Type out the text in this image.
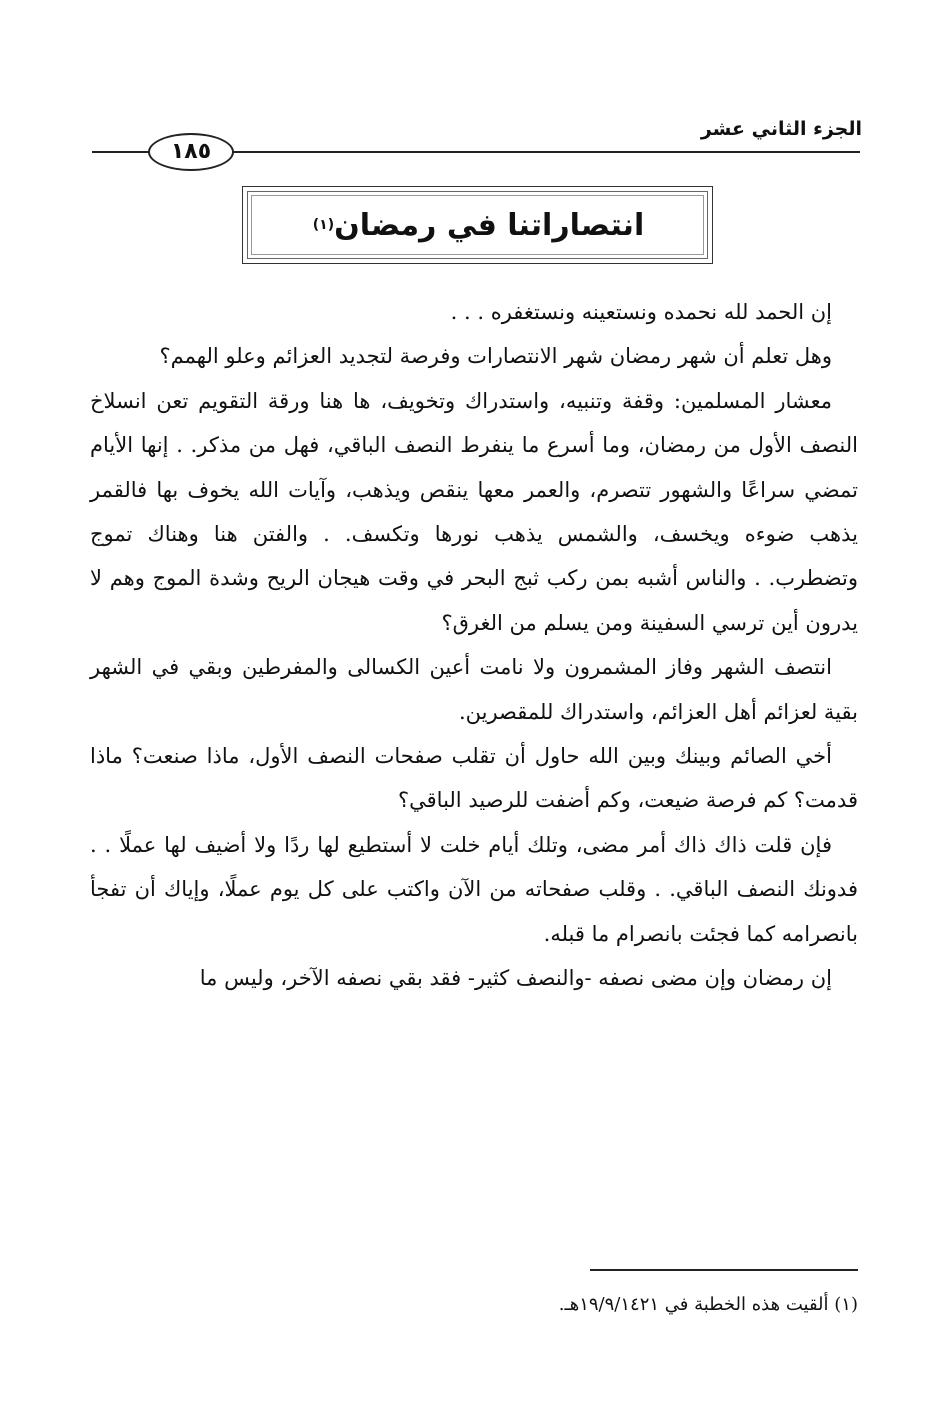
الجزء الثاني عشر
١٨٥
انتصاراتنا في رمضان
(١)

إن الحمد لله نحمده ونستعينه ونستغفره . . .

وهل تعلم أن شهر رمضان شهر الانتصارات وفرصة لتجديد العزائم وعلو الهمم؟

معشار المسلمين: وقفة وتنبيه، واستدراك وتخويف، ها هنا ورقة التقويم تعن انسلاخ النصف الأول من رمضان، وما أسرع ما ينفرط النصف الباقي، فهل من مذكر. . إنها الأيام تمضي سراعًا والشهور تتصرم، والعمر معها ينقص ويذهب، وآيات الله يخوف بها فالقمر يذهب ضوءه ويخسف، والشمس يذهب نورها وتكسف. . والفتن هنا وهناك تموج وتضطرب. . والناس أشبه بمن ركب ثبج البحر في وقت هيجان الريح وشدة الموج وهم لا يدرون أين ترسي السفينة ومن يسلم من الغرق؟

انتصف الشهر وفاز المشمرون ولا نامت أعين الكسالى والمفرطين وبقي في الشهر بقية لعزائم أهل العزائم، واستدراك للمقصرين.

أخي الصائم وبينك وبين الله حاول أن تقلب صفحات النصف الأول، ماذا صنعت؟ ماذا قدمت؟ كم فرصة ضيعت، وكم أضفت للرصيد الباقي؟

فإن قلت ذاك ذاك أمر مضى، وتلك أيام خلت لا أستطيع لها ردًا ولا أضيف لها عملًا . . فدونك النصف الباقي. . وقلب صفحاته من الآن واكتب على كل يوم عملًا، وإياك أن تفجأ بانصرامه كما فجئت بانصرام ما قبله.

إن رمضان وإن مضى نصفه -والنصف كثير- فقد بقي نصفه الآخر، وليس ما

(١) ألقيت هذه الخطبة في ١٩/٩/١٤٢١هـ.
